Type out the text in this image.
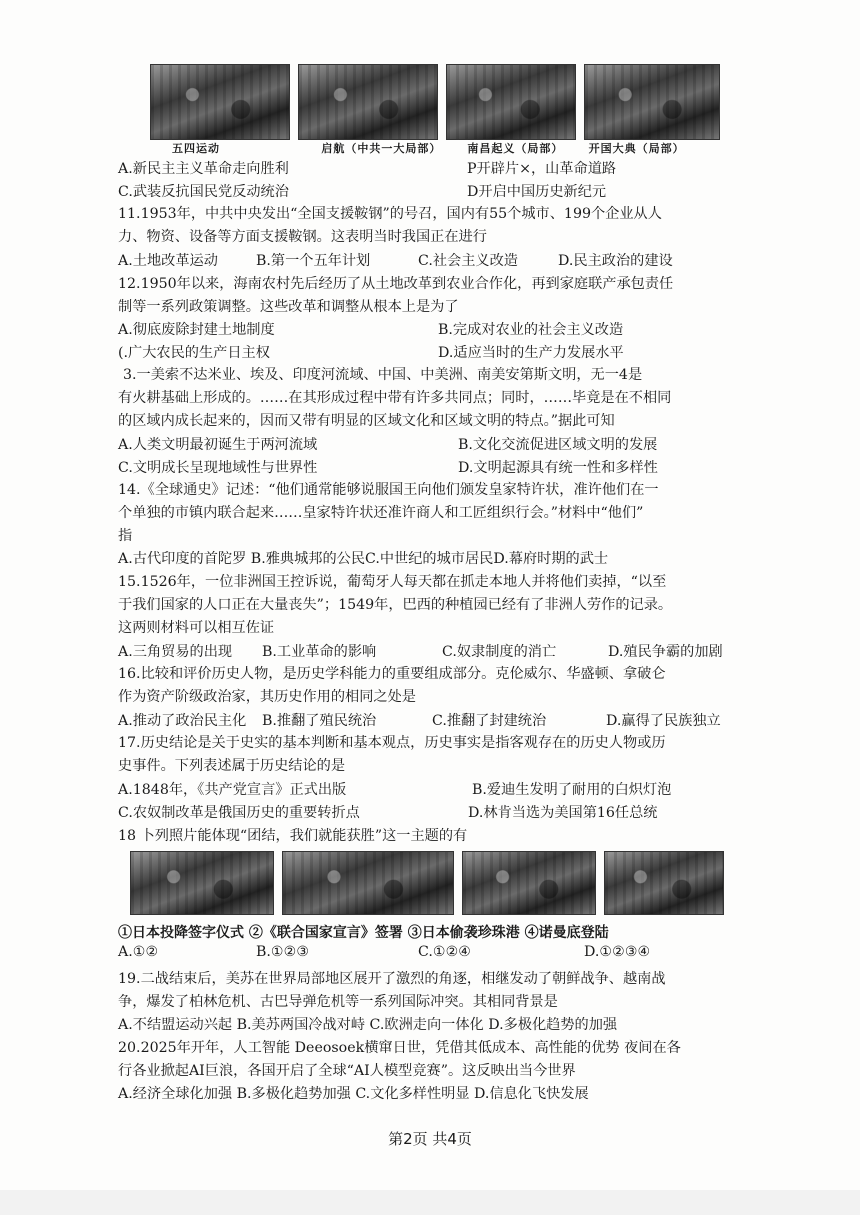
五四运动	启航（中共一大局部）	南昌起义（局部）	开国大典（局部）
A.新民主主义革命走向胜利	P开辟片×，山革命道路
C.武装反抗国民党反动统治	D开启中国历史新纪元
11.1953年，中共中央发出“全国支援鞍钢”的号召，国内有55个城市、199个企业从人
力、物资、设备等方面支援鞍钢。这表明当时我国正在进行
A.土地改革运动	B.第一个五年计划	C.社会主义改造	D.民主政治的建设
12.1950年以来，海南农村先后经历了从土地改革到农业合作化，再到家庭联产承包责任
制等一系列政策调整。这些改革和调整从根本上是为了
A.彻底废除封建土地制度	B.完成对农业的社会主义改造
(.广大农民的生产日主权	D.适应当时的生产力发展水平
3.一美索不达米业、埃及、印度河流域、中国、中美洲、南美安第斯文明，无一4是
有火耕基础上形成的。……在其形成过程中带有许多共同点；同时，……毕竟是在不相同
的区域内成长起来的，因而又带有明显的区域文化和区域文明的特点。”据此可知
A.人类文明最初诞生于两河流域	B.文化交流促进区域文明的发展
C.文明成长呈现地域性与世界性	D.文明起源具有统一性和多样性
14.《全球通史》记述：“他们通常能够说服国王向他们颁发皇家特许状，准许他们在一
个单独的市镇内联合起来……皇家特许状还准许商人和工匠组织行会。”材料中“他们”
指
A.古代印度的首陀罗 B.雅典城邦的公民C.中世纪的城市居民D.幕府时期的武士
15.1526年，一位非洲国王控诉说，葡萄牙人每天都在抓走本地人并将他们卖掉，“以至
于我们国家的人口正在大量丧失”；1549年，巴西的种植园已经有了非洲人劳作的记录。
这两则材料可以相互佐证
A.三角贸易的出现 B.工业革命的影响	C.奴隶制度的消亡	D.殖民争霸的加剧
16.比较和评价历史人物，是历史学科能力的重要组成部分。克伦威尔、华盛顿、拿破仑
作为资产阶级政治家，其历史作用的相同之处是
A.推动了政治民主化 B.推翻了殖民统治	C.推翻了封建统治	D.赢得了民族独立
17.历史结论是关于史实的基本判断和基本观点，历史事实是指客观存在的历史人物或历
史事件。下列表述属于历史结论的是
A.1848年，《共产党宣言》正式出版	B.爱迪生发明了耐用的白炽灯泡
C.农奴制改革是俄国历史的重要转折点	D.林肯当选为美国第16任总统
18 卜列照片能体现“团结，我们就能获胜”这一主题的有
①日本投降签字仪式 ②《联合国家宣言》签署 ③日本偷袭珍珠港 ④诺曼底登陆
A.①②	B.①②③	C.①②④	D.①②③④
19.二战结束后，美苏在世界局部地区展开了激烈的角逐，相继发动了朝鲜战争、越南战
争，爆发了柏林危机、古巴导弹危机等一系列国际冲突。其相同背景是
A.不结盟运动兴起 B.美苏两国冷战对峙 C.欧洲走向一体化 D.多极化趋势的加强
20.2025年开年，人工智能 Deeosoek横窜日世，凭借其低成本、高性能的优势 夜间在各
行各业掀起AI巨浪，各国开启了全球“AI人模型竞赛”。这反映出当今世界
A.经济全球化加强 B.多极化趋势加强 C.文化多样性明显 D.信息化飞快发展
第2页 共4页
